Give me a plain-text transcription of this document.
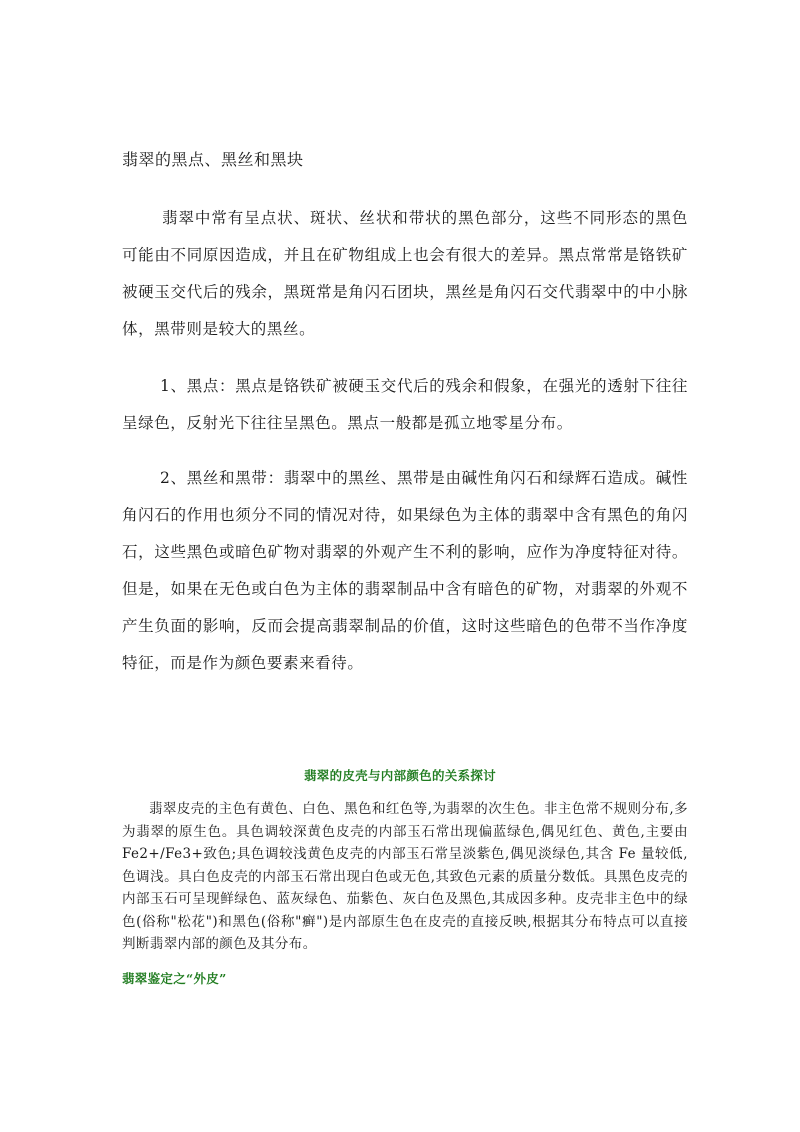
翡翠的黑点、黑丝和黑块
翡翠中常有呈点状、斑状、丝状和带状的黑色部分，这些不同形态的黑色可能由不同原因造成，并且在矿物组成上也会有很大的差异。黑点常常是铬铁矿被硬玉交代后的残余，黑斑常是角闪石团块，黑丝是角闪石交代翡翠中的中小脉体，黑带则是较大的黑丝。
1、黑点：黑点是铬铁矿被硬玉交代后的残余和假象，在强光的透射下往往呈绿色，反射光下往往呈黑色。黑点一般都是孤立地零星分布。
2、黑丝和黑带：翡翠中的黑丝、黑带是由碱性角闪石和绿辉石造成。碱性角闪石的作用也须分不同的情况对待，如果绿色为主体的翡翠中含有黑色的角闪石，这些黑色或暗色矿物对翡翠的外观产生不利的影响，应作为净度特征对待。但是，如果在无色或白色为主体的翡翠制品中含有暗色的矿物，对翡翠的外观不产生负面的影响，反而会提高翡翠制品的价值，这时这些暗色的色带不当作净度特征，而是作为颜色要素来看待。
翡翠的皮壳与内部颜色的关系探讨
翡翠皮壳的主色有黄色、白色、黑色和红色等,为翡翠的次生色。非主色常不规则分布,多为翡翠的原生色。具色调较深黄色皮壳的内部玉石常出现偏蓝绿色,偶见红色、黄色,主要由 Fe2+/Fe3+致色;具色调较浅黄色皮壳的内部玉石常呈淡紫色,偶见淡绿色,其含 Fe 量较低,色调浅。具白色皮壳的内部玉石常出现白色或无色,其致色元素的质量分数低。具黑色皮壳的内部玉石可呈现鲜绿色、蓝灰绿色、茄紫色、灰白色及黑色,其成因多种。皮壳非主色中的绿色(俗称"松花")和黑色(俗称"癣")是内部原生色在皮壳的直接反映,根据其分布特点可以直接判断翡翠内部的颜色及其分布。
翡翠鉴定之“外皮”
